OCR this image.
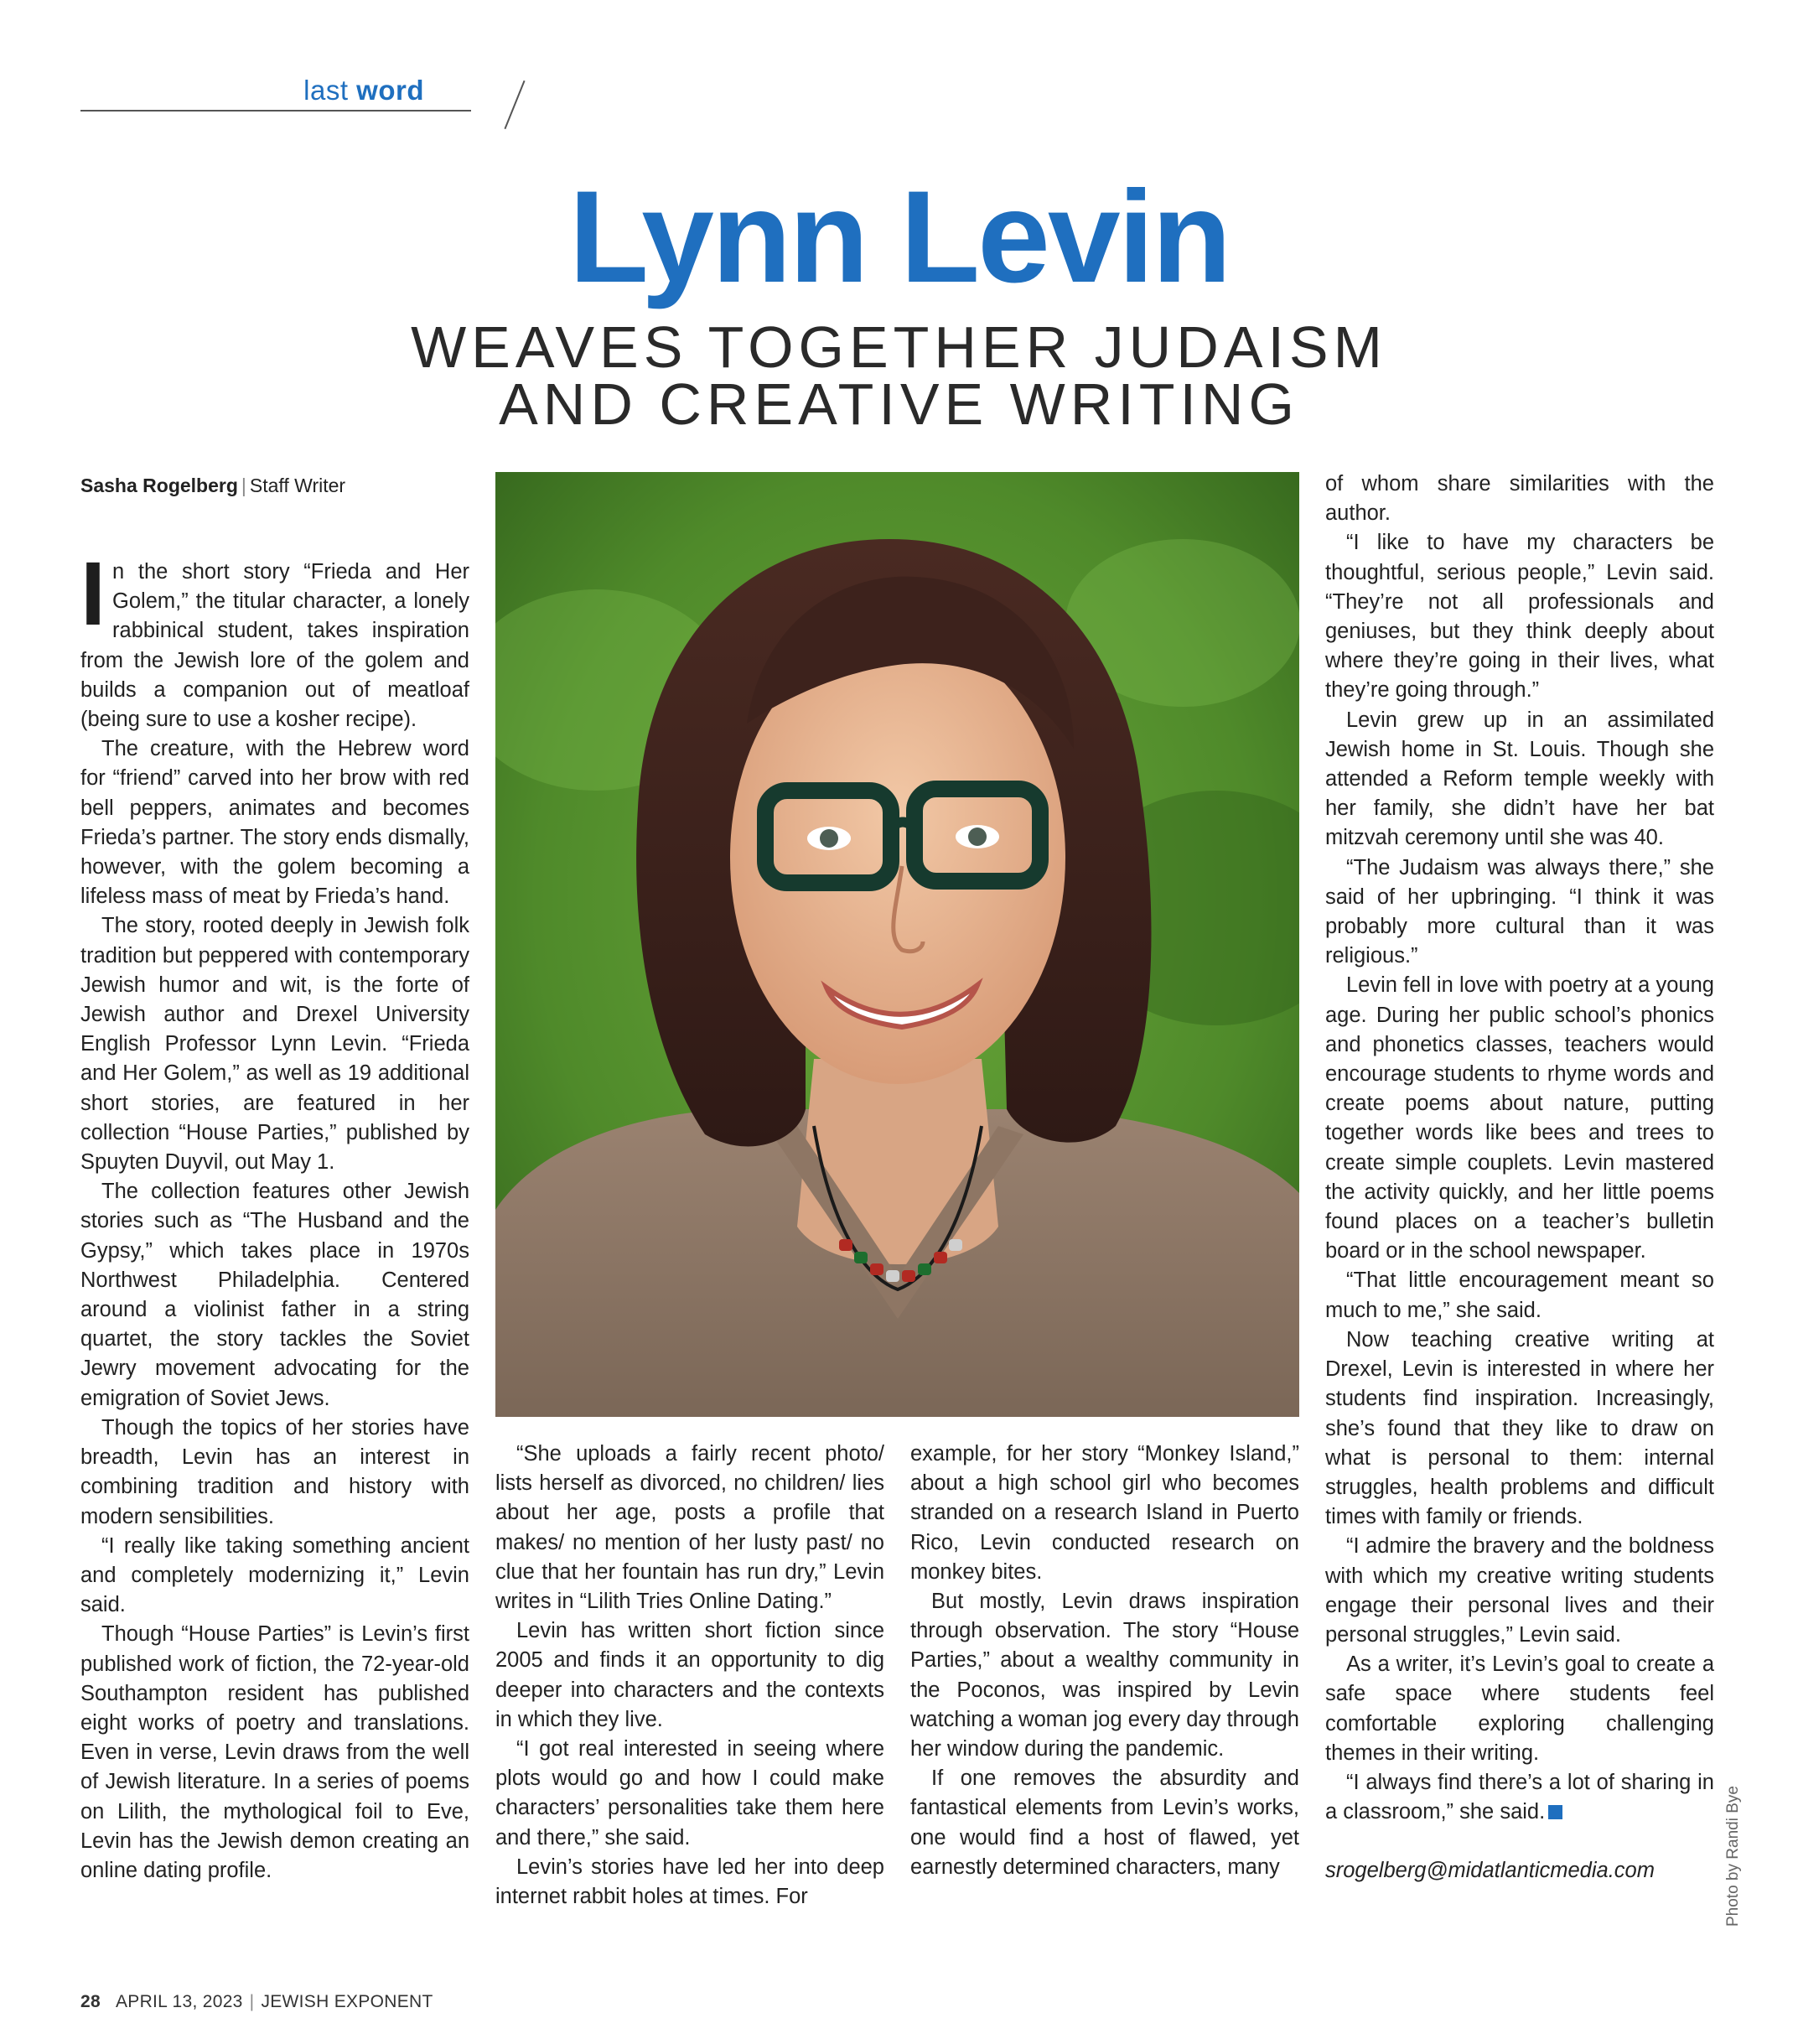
last word
Lynn Levin
WEAVES TOGETHER JUDAISM
AND CREATIVE WRITING
Sasha Rogelberg | Staff Writer

In the short story “Frieda and Her Golem,” the titular character, a lonely rabbinical student, takes inspiration from the Jewish lore of the golem and builds a companion out of meatloaf (being sure to use a kosher recipe).

The creature, with the Hebrew word for “friend” carved into her brow with red bell peppers, animates and becomes Frieda’s partner. The story ends dismally, however, with the golem becoming a lifeless mass of meat by Frieda’s hand.

The story, rooted deeply in Jewish folk tradition but peppered with contemporary Jewish humor and wit, is the forte of Jewish author and Drexel University English Professor Lynn Levin. “Frieda and Her Golem,” as well as 19 additional short stories, are featured in her collection “House Parties,” published by Spuyten Duyvil, out May 1.

The collection features other Jewish stories such as “The Husband and the Gypsy,” which takes place in 1970s Northwest Philadelphia. Centered around a violinist father in a string quartet, the story tackles the Soviet Jewry movement advocating for the emigration of Soviet Jews.

Though the topics of her stories have breadth, Levin has an interest in combining tradition and history with modern sensibilities.

“I really like taking something ancient and completely modernizing it,” Levin said.

Though “House Parties” is Levin’s first published work of fiction, the 72-year-old Southampton resident has published eight works of poetry and translations. Even in verse, Levin draws from the well of Jewish literature. In a series of poems on Lilith, the mythological foil to Eve, Levin has the Jewish demon creating an online dating profile.

“She uploads a fairly recent photo/ lists herself as divorced, no children/ lies about her age, posts a profile that makes/ no mention of her lusty past/ no clue that her fountain has run dry,” Levin writes in “Lilith Tries Online Dating.”

Levin has written short fiction since 2005 and finds it an opportunity to dig deeper into characters and the contexts in which they live.

“I got real interested in seeing where plots would go and how I could make characters’ personalities take them here and there,” she said.

Levin’s stories have led her into deep internet rabbit holes at times. For

example, for her story “Monkey Island,” about a high school girl who becomes stranded on a research Island in Puerto Rico, Levin conducted research on monkey bites.

But mostly, Levin draws inspiration through observation. The story “House Parties,” about a wealthy community in the Poconos, was inspired by Levin watching a woman jog every day through her window during the pandemic.

If one removes the absurdity and fantastical elements from Levin’s works, one would find a host of flawed, yet earnestly determined characters, many

of whom share similarities with the author.

“I like to have my characters be thoughtful, serious people,” Levin said. “They’re not all professionals and geniuses, but they think deeply about where they’re going in their lives, what they’re going through.”

Levin grew up in an assimilated Jewish home in St. Louis. Though she attended a Reform temple weekly with her family, she didn’t have her bat mitzvah ceremony until she was 40.

“The Judaism was always there,” she said of her upbringing. “I think it was probably more cultural than it was religious.”

Levin fell in love with poetry at a young age. During her public school’s phonics and phonetics classes, teachers would encourage students to rhyme words and create poems about nature, putting together words like bees and trees to create simple couplets. Levin mastered the activity quickly, and her little poems found places on a teacher’s bulletin board or in the school newspaper.

“That little encouragement meant so much to me,” she said.

Now teaching creative writing at Drexel, Levin is interested in where her students find inspiration. Increasingly, she’s found that they like to draw on what is personal to them: internal struggles, health problems and difficult times with family or friends.

“I admire the bravery and the boldness with which my creative writing students engage their personal lives and their personal struggles,” Levin said.

As a writer, it’s Levin’s goal to create a safe space where students feel comfortable exploring challenging themes in their writing.

“I always find there’s a lot of sharing in a classroom,” she said.

srogelberg@midatlanticmedia.com	Photo by Randi Bye
28 APRIL 13, 2023 | JEWISH EXPONENT
